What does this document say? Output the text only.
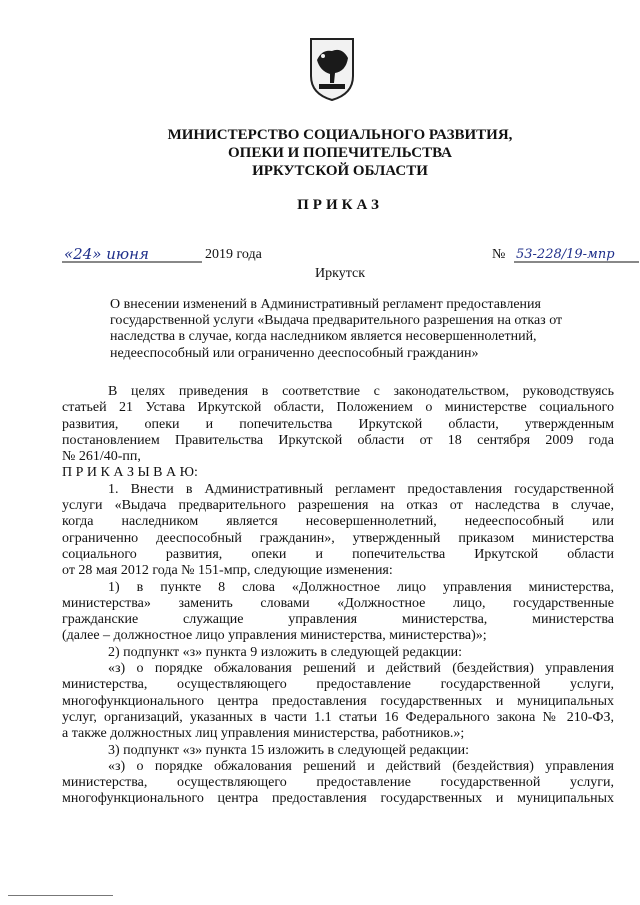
МИНИСТЕРСТВО СОЦИАЛЬНОГО РАЗВИТИЯ,
ОПЕКИ И ПОПЕЧИТЕЛЬСТВА
ИРКУТСКОЙ ОБЛАСТИ
ПРИКАЗ
«24» июня	2019 года	№ 53-228/19-мпр
Иркутск
О внесении изменений в Административный регламент предоставления
государственной услуги «Выдача предварительного разрешения на отказ от
наследства в случае, когда наследником является несовершеннолетний,
недееспособный или ограниченно дееспособный гражданин»
В целях приведения в соответствие с законодательством, руководствуясь
статьей 21 Устава Иркутской области, Положением о министерстве социального
развития, опеки и попечительства Иркутской области, утвержденным
постановлением Правительства Иркутской области от 18 сентября 2009 года
№ 261/40-пп,
П Р И К А З Ы В А Ю:
1. Внести в Административный регламент предоставления государственной
услуги «Выдача предварительного разрешения на отказ от наследства в случае,
когда наследником является несовершеннолетний, недееспособный или
ограниченно дееспособный гражданин», утвержденный приказом министерства
социального развития, опеки и попечительства Иркутской области
от 28 мая 2012 года № 151-мпр, следующие изменения:
1) в пункте 8 слова «Должностное лицо управления министерства,
министерства» заменить словами «Должностное лицо, государственные
гражданские служащие управления министерства, министерства
(далее – должностное лицо управления министерства, министерства)»;
2) подпункт «з» пункта 9 изложить в следующей редакции:
«з) о порядке обжалования решений и действий (бездействия) управления
министерства, осуществляющего предоставление государственной услуги,
многофункционального центра предоставления государственных и муниципальных
услуг, организаций, указанных в части 1.1 статьи 16 Федерального закона № 210-ФЗ,
а также должностных лиц управления министерства, работников.»;
3) подпункт «з» пункта 15 изложить в следующей редакции:
«з) о порядке обжалования решений и действий (бездействия) управления
министерства, осуществляющего предоставление государственной услуги,
многофункционального центра предоставления государственных и муниципальных
